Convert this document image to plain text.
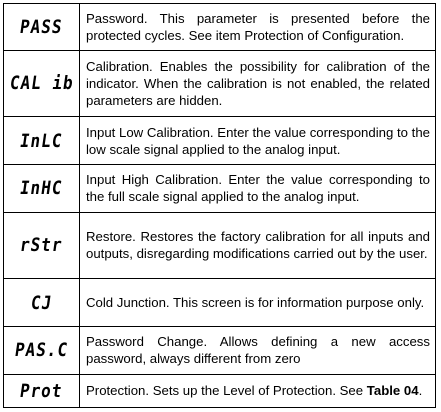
PASS	Password. This parameter is presented before the protected cycles. See item Protection of Configuration.

CAL ib	Calibration. Enables the possibility for calibration of the indicator. When the calibration is not enabled, the related parameters are hidden.

InLC	Input Low Calibration. Enter the value corresponding to the low scale signal applied to the analog input.

InHC	Input High Calibration. Enter the value corresponding to the full scale signal applied to the analog input.

rStr	Restore. Restores the factory calibration for all inputs and outputs, disregarding modifications carried out by the user.

CJ	Cold Junction. This screen is for information purpose only.

PAS.C	Password Change. Allows defining a new access password, always different from zero

Prot	Protection. Sets up the Level of Protection. See Table 04.
